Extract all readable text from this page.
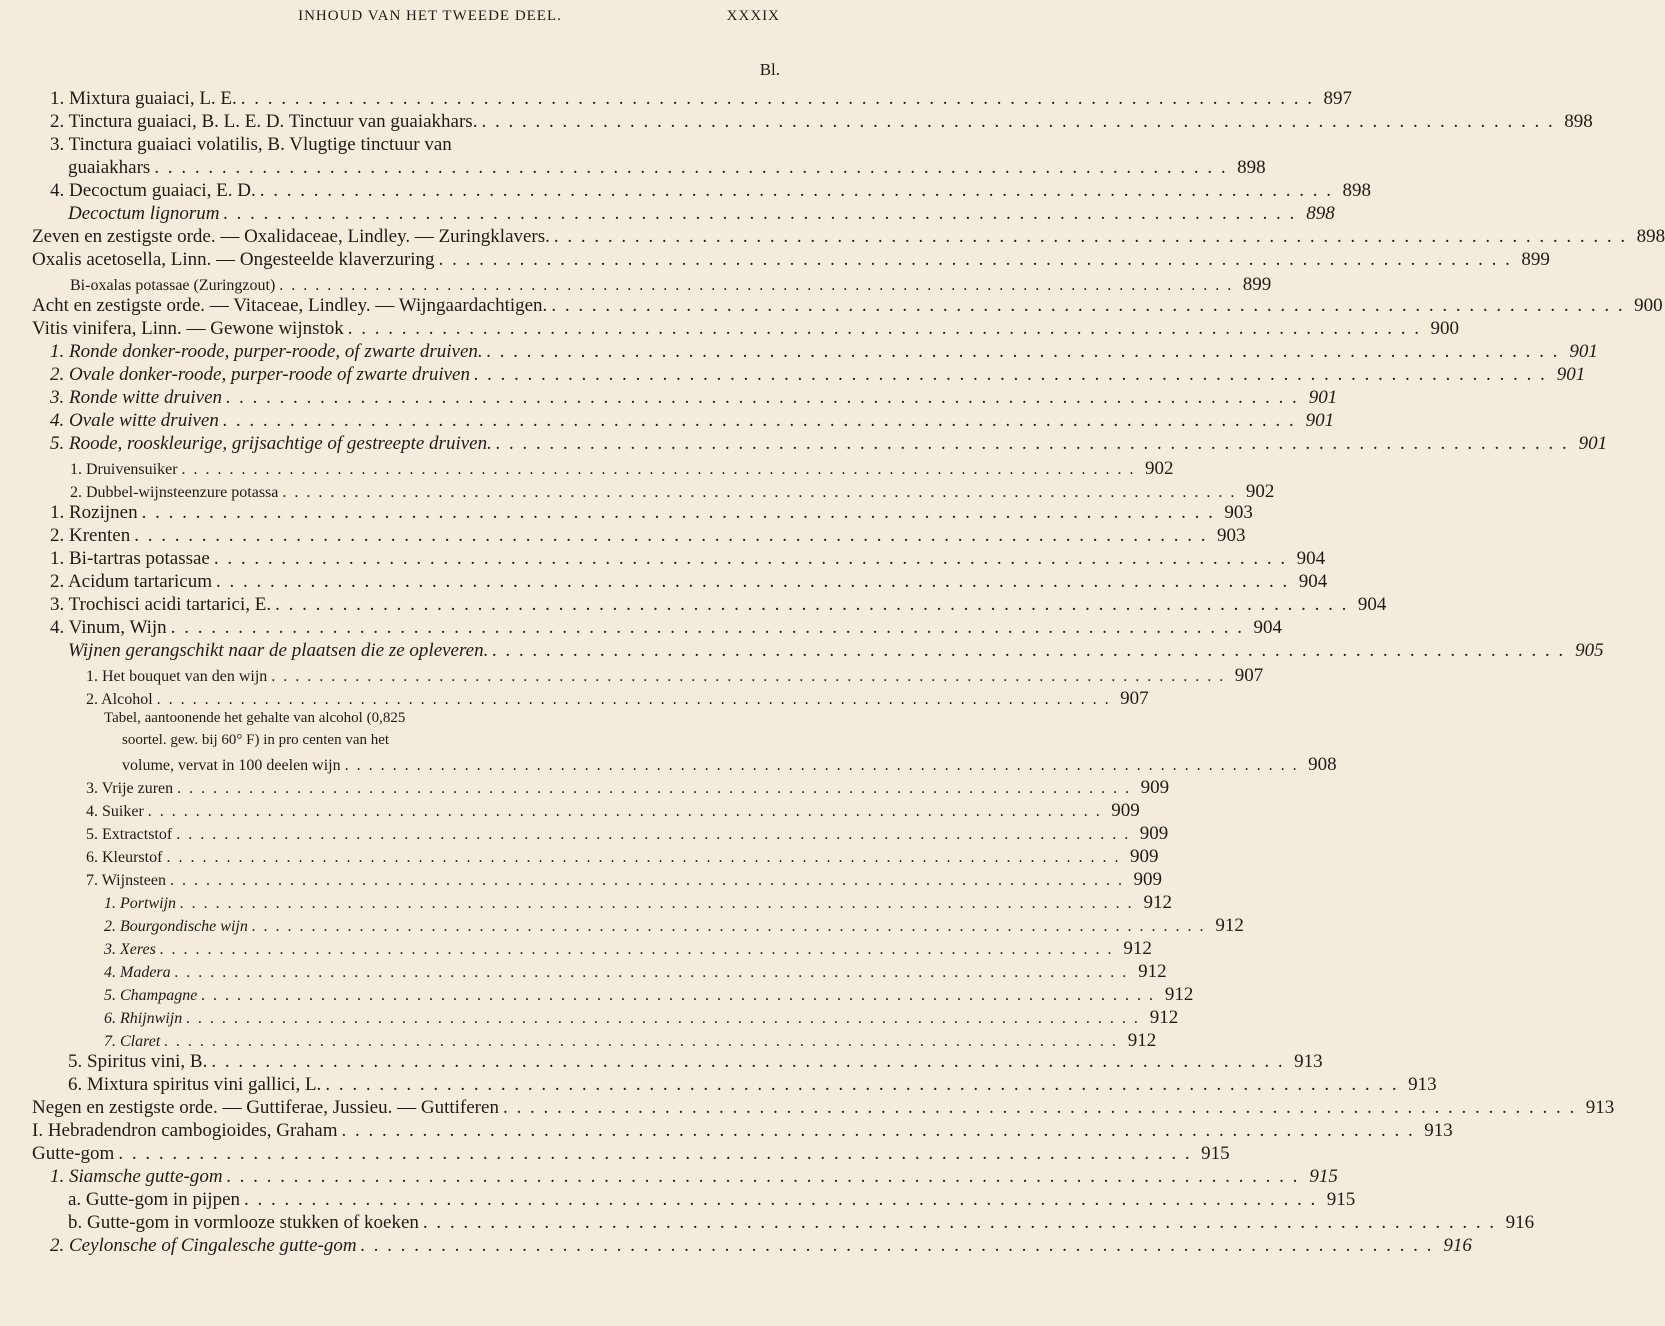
INHOUD VAN HET TWEEDE DEEL.	XXXIX
Bl.
1. Mixtura guaiaci, L. E. . . .	897
2. Tinctura guaiaci, B. L. E. D. Tinctuur van guaiakhars. . . .	898
3. Tinctura guaiaci volatilis, B. Vlugtige tinctuur van
guaiakhars . . .	898
4. Decoctum guaiaci, E. D. . . .	898
Decoctum lignorum . . .	898
Zeven en zestigste orde. — Oxalidaceae, Lindley. — Zuringklavers. . . .	898
Oxalis acetosella, Linn. — Ongesteelde klaverzuring . . .	899
Bi-oxalas potassae (Zuringzout) . . .	899
Acht en zestigste orde. — Vitaceae, Lindley. — Wijngaardachtigen. . . .	900
Vitis vinifera, Linn. — Gewone wijnstok . . .	900
1. Ronde donker-roode, purper-roode, of zwarte druiven. . . .	901
2. Ovale donker-roode, purper-roode of zwarte druiven . . .	901
3. Ronde witte druiven . . .	901
4. Ovale witte druiven . . .	901
5. Roode, rooskleurige, grijsachtige of gestreepte druiven. . . .	901
1. Druivensuiker . . .	902
2. Dubbel-wijnsteenzure potassa . . .	902
1. Rozijnen . . .	903
2. Krenten . . .	903
1. Bi-tartras potassae . . .	904
2. Acidum tartaricum . . .	904
3. Trochisci acidi tartarici, E. . . .	904
4. Vinum, Wijn . . .	904
Wijnen gerangschikt naar de plaatsen die ze opleveren. . . .	905
1. Het bouquet van den wijn . . .	907
2. Alcohol . . .	907
Tabel, aantoonende het gehalte van alcohol (0,825
soortel. gew. bij 60° F) in pro centen van het
volume, vervat in 100 deelen wijn . . .	908
3. Vrije zuren . . .	909
4. Suiker . . .	909
5. Extractstof . . .	909
6. Kleurstof . . .	909
7. Wijnsteen . . .	909
1. Portwijn . . .	912
2. Bourgondische wijn . . .	912
3. Xeres . . .	912
4. Madera . . .	912
5. Champagne . . .	912
6. Rhijnwijn . . .	912
7. Claret . . .	912
5. Spiritus vini, B. . . .	913
6. Mixtura spiritus vini gallici, L. . . .	913
Negen en zestigste orde. — Guttiferae, Jussieu. — Guttiferen . . .	913
I. Hebradendron cambogioides, Graham . . .	913
Gutte-gom . . .	915
1. Siamsche gutte-gom . . .	915
a. Gutte-gom in pijpen . . .	915
b. Gutte-gom in vormlooze stukken of koeken . . .	916
2. Ceylonsche of Cingalesche gutte-gom . . .	916
